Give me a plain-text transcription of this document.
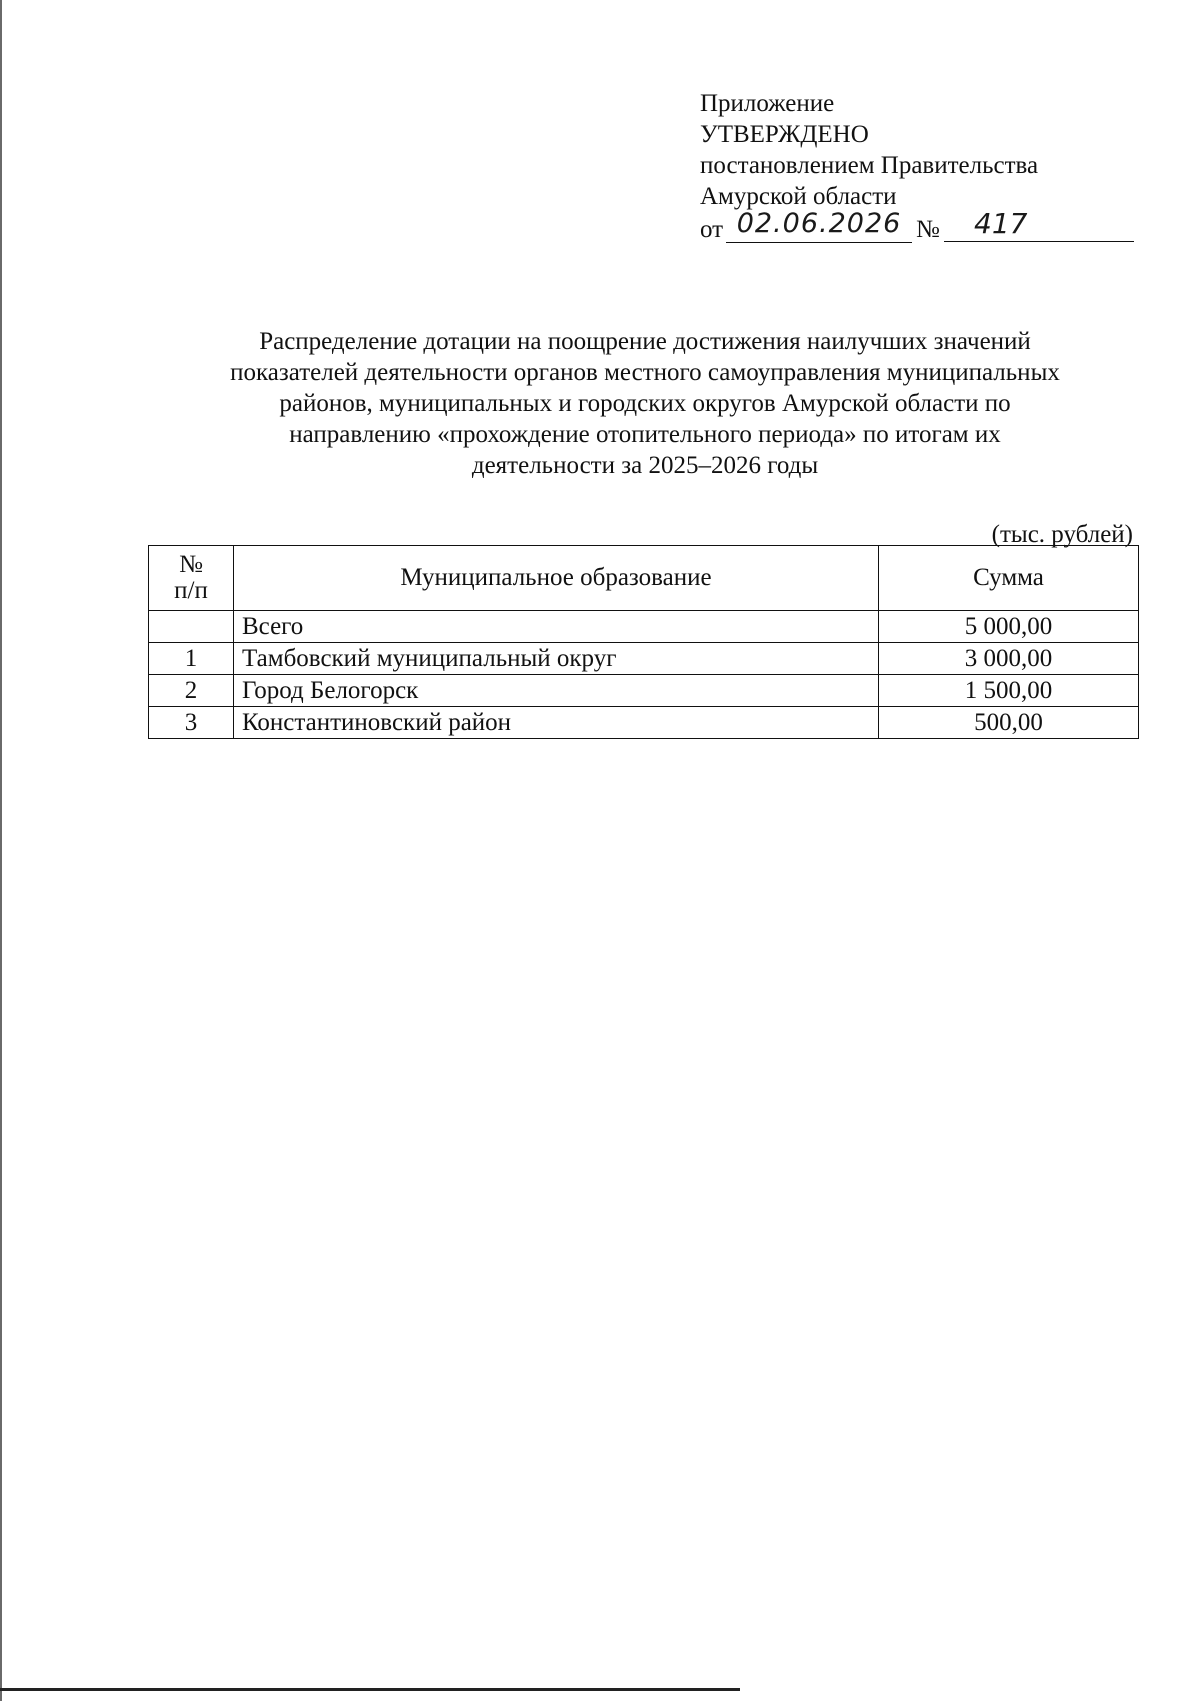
Приложение
УТВЕРЖДЕНО
постановлением Правительства
Амурской области
от 02.06.2026 №	417
Распределение дотации на поощрение достижения наилучших значений
показателей деятельности органов местного самоуправления муниципальных
районов, муниципальных и городских округов Амурской области по
направлению «прохождение отопительного периода» по итогам их
деятельности за 2025–2026 годы
(тыс. рублей)
№
п/п	Муниципальное образование	Сумма
	Всего	5 000,00
1	Тамбовский муниципальный округ	3 000,00
2	Город Белогорск	1 500,00
3	Константиновский район	500,00
